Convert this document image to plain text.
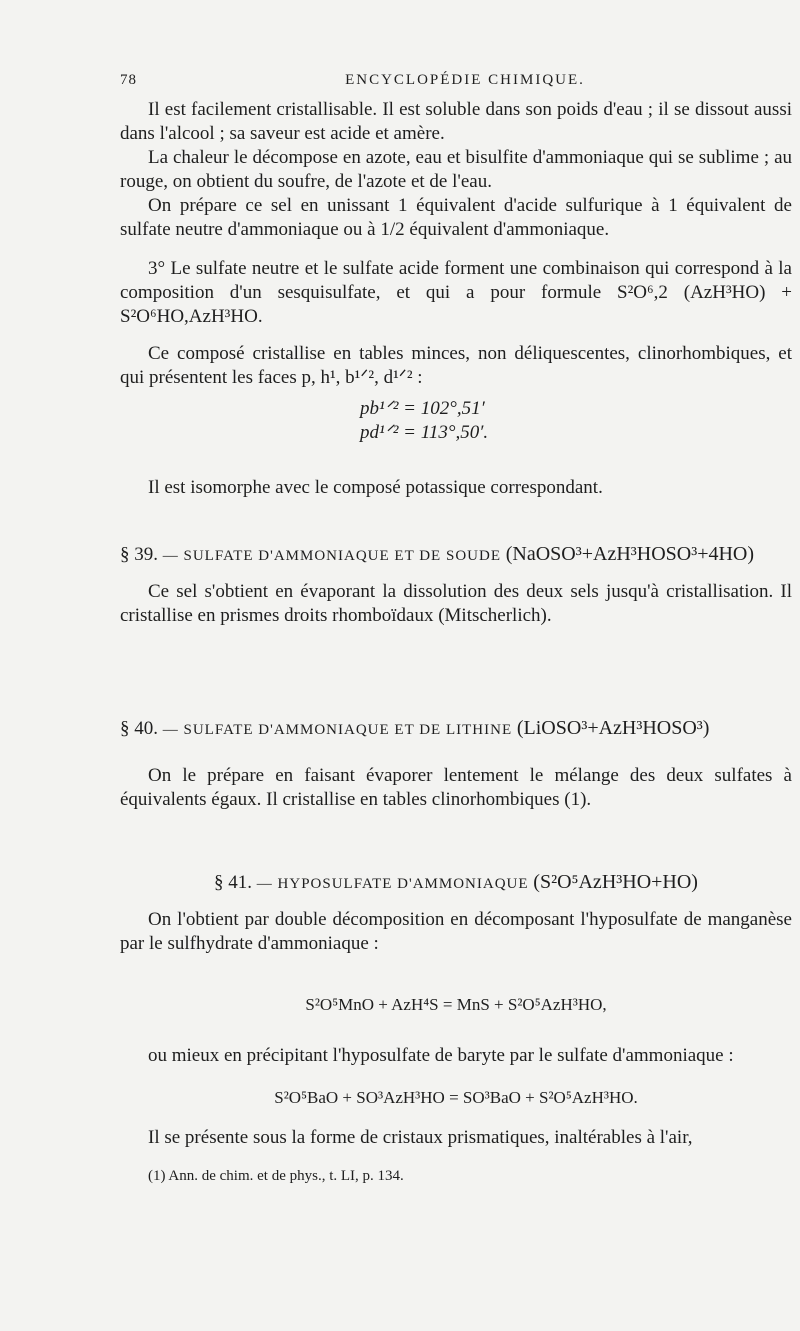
78	ENCYCLOPÉDIE CHIMIQUE.
Il est facilement cristallisable. Il est soluble dans son poids d'eau ; il se dissout aussi dans l'alcool ; sa saveur est acide et amère.
La chaleur le décompose en azote, eau et bisulfite d'ammoniaque qui se sublime ; au rouge, on obtient du soufre, de l'azote et de l'eau.
On prépare ce sel en unissant 1 équivalent d'acide sulfurique à 1 équivalent de sulfate neutre d'ammoniaque ou à 1/2 équivalent d'ammoniaque.
3° Le sulfate neutre et le sulfate acide forment une combinaison qui correspond à la composition d'un sesquisulfate, et qui a pour formule S²O⁶,2 (AzH³HO) + S²O⁶HO,AzH³HO.
Ce composé cristallise en tables minces, non déliquescentes, clinorhombiques, et qui présentent les faces p, h¹, b¹ᐟ², d¹ᐟ² :
pb¹ᐟ² = 102°,51′
pd¹ᐟ² = 113°,50′.
Il est isomorphe avec le composé potassique correspondant.
§ 39. — SULFATE D'AMMONIAQUE ET DE SOUDE (NaOSO³+AzH³HOSO³+4HO)
Ce sel s'obtient en évaporant la dissolution des deux sels jusqu'à cristallisation. Il cristallise en prismes droits rhomboïdaux (Mitscherlich).
§ 40. — SULFATE D'AMMONIAQUE ET DE LITHINE (LiOSO³+AzH³HOSO³)
On le prépare en faisant évaporer lentement le mélange des deux sulfates à équivalents égaux. Il cristallise en tables clinorhombiques (1).
§ 41. — HYPOSULFATE D'AMMONIAQUE (S²O⁵AzH³HO+HO)
On l'obtient par double décomposition en décomposant l'hyposulfate de manganèse par le sulfhydrate d'ammoniaque :
S²O⁵MnO + AzH⁴S = MnS + S²O⁵AzH³HO,
ou mieux en précipitant l'hyposulfate de baryte par le sulfate d'ammoniaque :
S²O⁵BaO + SO³AzH³HO = SO³BaO + S²O⁵AzH³HO.
Il se présente sous la forme de cristaux prismatiques, inaltérables à l'air,
(1) Ann. de chim. et de phys., t. LI, p. 134.
